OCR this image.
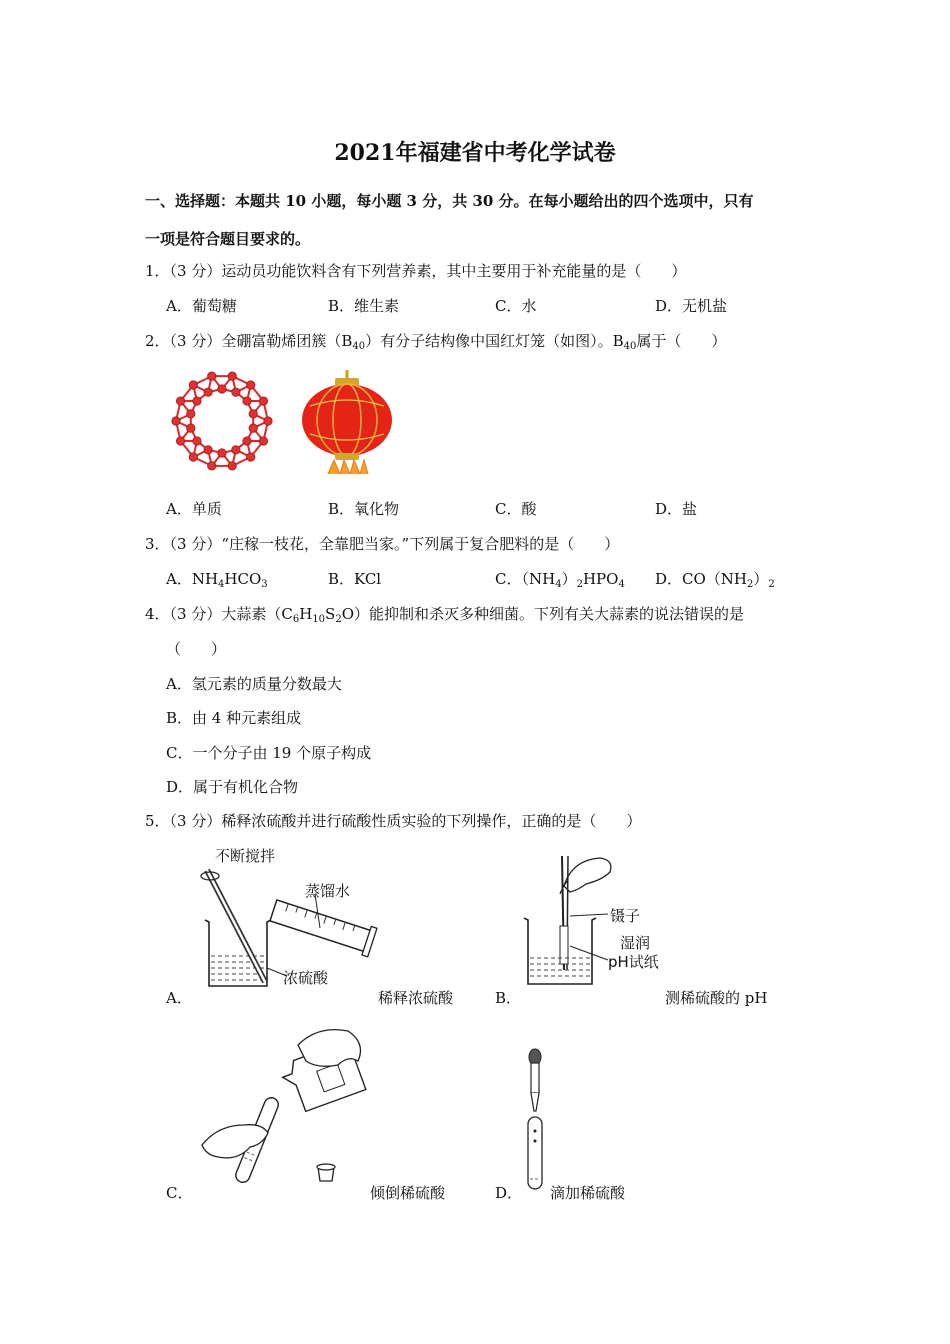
2021年福建省中考化学试卷
一、选择题：本题共 10 小题，每小题 3 分，共 30 分。在每小题给出的四个选项中，只有
一项是符合题目要求的。
1．（3 分）运动员功能饮料含有下列营养素，其中主要用于补充能量的是（　　）
A．葡萄糖	B．维生素	C．水	D．无机盐
2．（3 分）全硼富勒烯团簇$(B_{40})$有分子结构像中国红灯笼（如图）。$B_{40}$属于（　　）
A．单质	B．氧化物	C．酸	D．盐
3．（3 分）“庄稼一枝花，全靠肥当家。”下列属于复合肥料的是（　　）
A．$NH_4HCO_3$	B．KCl	C．$(NH_4)_2HPO_4$ D．$CO(NH_2)_2$
4．（3 分）大蒜素$(C_6H_{10}S_2O)$能抑制和杀灭多种细菌。下列有关大蒜素的说法错误的是
（　　）
A．氢元素的质量分数最大
B．由 4 种元素组成
C．一个分子由 19 个原子构成
D．属于有机化合物
5．（3 分）稀释浓硫酸并进行硫酸性质实验的下列操作，正确的是（　　）
不断搅拌
蒸馏水
浓硫酸
A．	稀释浓硫酸
镊子
湿润
pH试纸
B．	测稀硫酸的 pH
C．	倾倒稀硫酸	D． 滴加稀硫酸
